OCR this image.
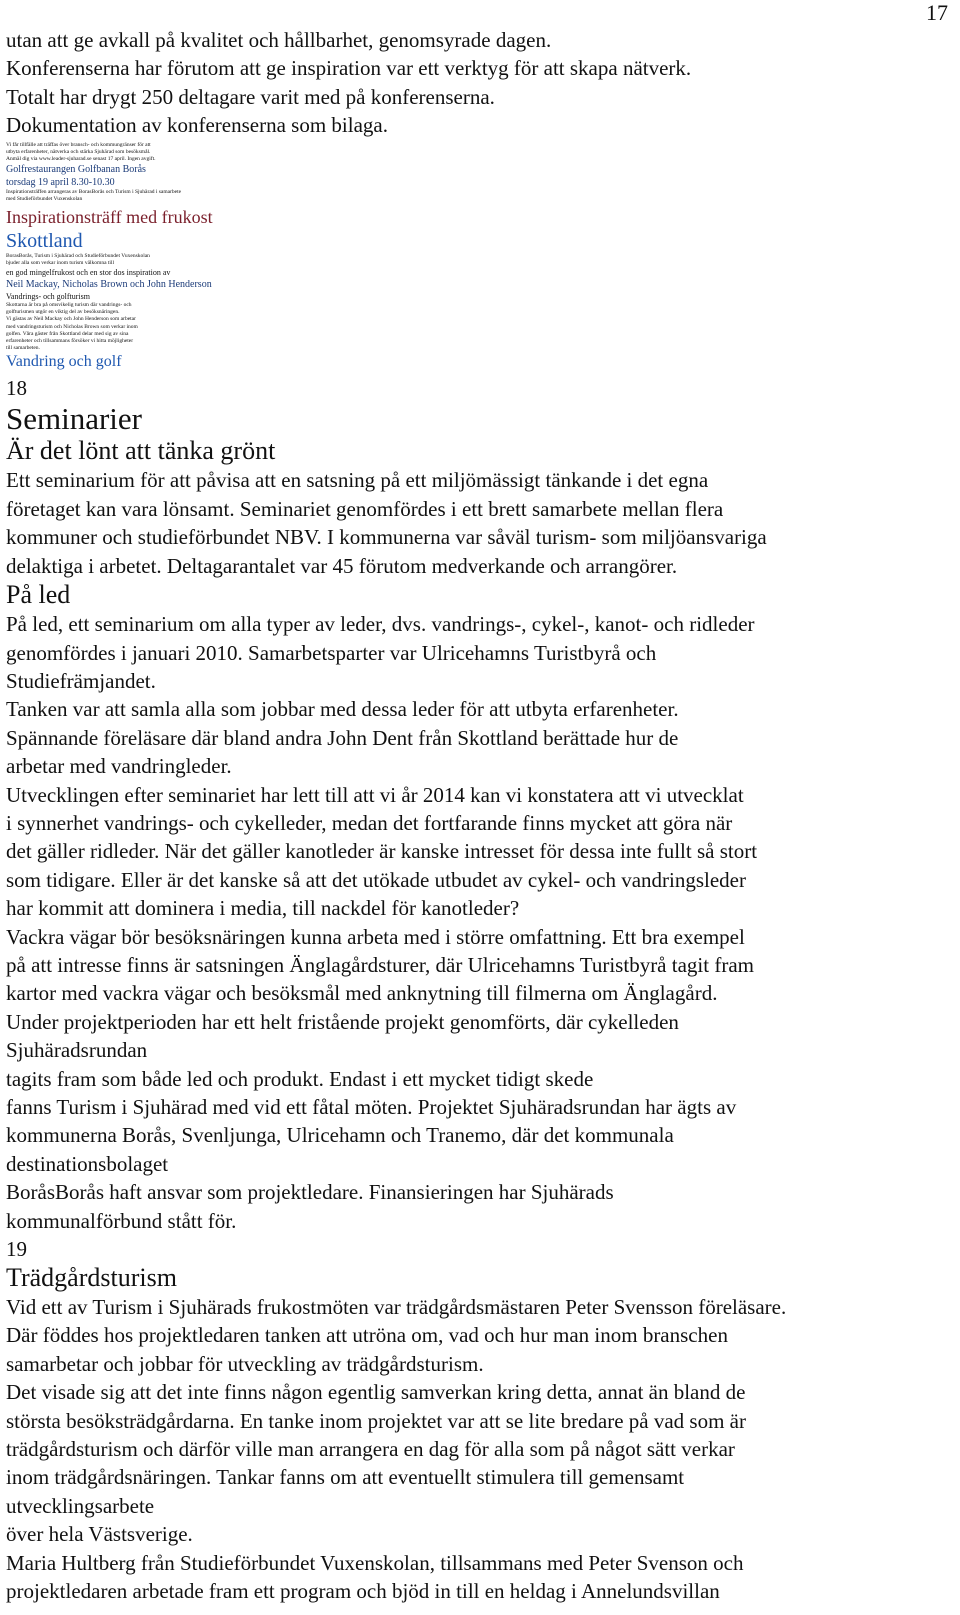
17

utan att ge avkall på kvalitet och hållbarhet, genomsyrade dagen.

Konferenserna har förutom att ge inspiration var ett verktyg för att skapa nätverk.

Totalt har drygt 250 deltagare varit med på konferenserna.

Dokumentation av konferenserna som bilaga.

Vi får tillfälle att träffas över bransch- och kommungränser för att

utbyta erfarenheter, nätverka och stärka Sjuhärad som besöksmål.

Anmäl dig via www.leader-sjuharad.se senast 17 april. Ingen avgift.

Golfrestaurangen Golfbanan Borås

torsdag 19 april 8.30-10.30

Inspirationsträffen arrangeras av BorasBorås och Turism i Sjuhärad i samarbete

med Studieförbundet Vuxenskolan

Inspirationsträff med frukost

Skottland

BorasBorås, Turism i Sjuhärad och Studieförbundet Vuxenskolan

bjuder alla som verkar inom turism välkomna till

en god mingelfrukost och en stor dos inspiration av

Neil Mackay, Nicholas Brown och John Henderson

Vandrings- och golfturism

Skottarna är bra på omsvikelig turism där vandrings- och

golfturismen utgör en viktig del av besöksnäringen.

Vi gästas av Neil Mackay och John Henderson som arbetar

med vandringsturism och Nicholas Brown som verkar inom

golfen. Våra gäster från Skottland delar med sig av sina

erfarenheter och tillsammans försöker vi hitta möjligheter

till samarbeten.

Vandring och golf

18

Seminarier

Är det lönt att tänka grönt

Ett seminarium för att påvisa att en satsning på ett miljömässigt tänkande i det egna

företaget kan vara lönsamt. Seminariet genomfördes i ett brett samarbete mellan flera

kommuner och studieförbundet NBV. I kommunerna var såväl turism- som miljöansvariga

delaktiga i arbetet. Deltagarantalet var 45 förutom medverkande och arrangörer.

På led

På led, ett seminarium om alla typer av leder, dvs. vandrings-, cykel-, kanot- och ridleder

genomfördes i januari 2010. Samarbetsparter var Ulricehamns Turistbyrå och

Studiefrämjandet.

Tanken var att samla alla som jobbar med dessa leder för att utbyta erfarenheter.

Spännande föreläsare där bland andra John Dent från Skottland berättade hur de

arbetar med vandringleder.

Utvecklingen efter seminariet har lett till att vi år 2014 kan vi konstatera att vi utvecklat

i synnerhet vandrings- och cykelleder, medan det fortfarande finns mycket att göra när

det gäller ridleder. När det gäller kanotleder är kanske intresset för dessa inte fullt så stort

som tidigare. Eller är det kanske så att det utökade utbudet av cykel- och vandringsleder

har kommit att dominera i media, till nackdel för kanotleder?

Vackra vägar bör besöksnäringen kunna arbeta med i större omfattning. Ett bra exempel

på att intresse finns är satsningen Änglagårdsturer, där Ulricehamns Turistbyrå tagit fram

kartor med vackra vägar och besöksmål med anknytning till filmerna om Änglagård.

Under projektperioden har ett helt fristående projekt genomförts, där cykelleden

Sjuhäradsrundan

tagits fram som både led och produkt. Endast i ett mycket tidigt skede

fanns Turism i Sjuhärad med vid ett fåtal möten. Projektet Sjuhäradsrundan har ägts av

kommunerna Borås, Svenljunga, Ulricehamn och Tranemo, där det kommunala

destinationsbolaget

BoråsBorås haft ansvar som projektledare. Finansieringen har Sjuhärads

kommunalförbund stått för.

19

Trädgårdsturism

Vid ett av Turism i Sjuhärads frukostmöten var trädgårdsmästaren Peter Svensson föreläsare.

Där föddes hos projektledaren tanken att utröna om, vad och hur man inom branschen

samarbetar och jobbar för utveckling av trädgårdsturism.

Det visade sig att det inte finns någon egentlig samverkan kring detta, annat än bland de

största besöksträdgårdarna. En tanke inom projektet var att se lite bredare på vad som är

trädgårdsturism och därför ville man arrangera en dag för alla som på något sätt verkar

inom trädgårdsnäringen. Tankar fanns om att eventuellt stimulera till gemensamt

utvecklingsarbete

över hela Västsverige.

Maria Hultberg från Studieförbundet Vuxenskolan, tillsammans med Peter Svenson och

projektledaren arbetade fram ett program och bjöd in till en heldag i Annelundsvillan
